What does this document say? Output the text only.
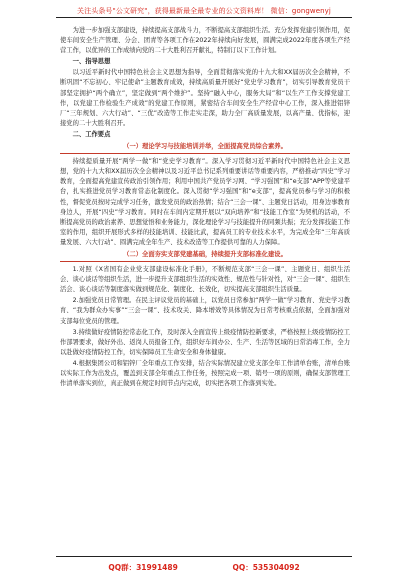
关注头条号"公文研究"，获得最新最全最专业的公文资料库！ 微信：gongwenyj

为进一步加强支部建设，持续提高支部战斗力，不断提高支部组织生活。充分发挥党建引领作用，促使车间安全生产管理、分会、团青等各项工作在2022年持续向好发展，圆满完成2022年度各项生产经营工作，以优异的工作成绩向党的二十大胜利召开献礼，特制订以下工作计划。

一、指导思想

以习近平新时代中国特色社会主义思想为指导，全面贯彻落实党的十九大和XX届历次全会精神，不断巩固“不忘初心、牢记使命”主题教育成效，持续高质量开展好“党史学习教育”，切实引导教育党员干部坚定拥护“两个确立”，坚定做到“两个维护”。坚持“融入中心，服务大局”和“以生产工作支撑党建工作，以党建工作检验生产成效”的党建工作原则，紧密结合车间安全生产经营中心工作，深入推进铝锌厂“三年规划、六大行动”、“三优”改造等工作走实走深，助力全厂高质量发展，以高产量、优指标，迎接党的二十大胜利召开。

二、工作要点
（一）理论学习与技能培训并举，全面提高党员综合素养。

持续提质量开展“两学一做”和“党史学习教育”。深入学习贯彻习近平新时代中国特色社会主义思想，党的十九大和XX届历次全会精神以及习近平总书记系列重要讲话等重要内容，严格推动“四史”学习教育，全面提高党建宣传政治引领作用；利用中国共产党员学习网、“学习强国”和“e支部”APP等党建平台，扎实推进党员学习教育常态化制度化。深入贯彻“学习强国”和“e支部”，提高党员参与学习的积极性，督促党员按时完成学习任务，激发党员的政治热情；结合“三会一课”、主题党日活动，用身边事教育身边人，开展“四史”学习教育。同时在车间内定期开展以“双向培养”和“技能工作室”为契机的活动，不断提高党员的政治素养、思想觉悟和业务能力，深化理论学习与技能提升的同频共振；充分发挥技能工作室的作用，组织开展形式多样的技能培训、技能比武，提高员工的专业技术水平，为完成全年“三年高质量发展、六大行动”、圆满完成全年生产、技术改造等工作提供可靠的人力保障。

（二）全面夯实支部党建基础，持续提升支部标准化建设。

1.对照《X省国有企业党支部建设标准化手册》，不断规范支部“三会一课”、主题党日、组织生活会、谈心谈话等组织生活，进一步提升支部组织生活的实效性、规范性与针对性，对“三会一课”、组织生活会、谈心谈话等制度落实做到规范化、制度化、长效化，切实提高支部组织生活质量。

2.加强党员日常管理。在民主评议党员的基础上，以党员日常参加“两学一做”学习教育、党史学习教育、“我为群众办实事”“三会一课”、技术攻关、降本增效等具体情况为日常考核重点依据，全面加强对支部每位党员的管理。

3.持续做好疫情防控常态化工作，及时深入全面宣传上级疫情防控新要求，严格按照上级疫情防控工作部署要求，做好外出、返岗人员报备工作，组织好车间办公、生产、生活等区域的日常消毒工作，全力以赴做好疫情防控工作，切实保障员工生命安全和身体健康。

4.根据集团公司和铝锌厂全年重点工作安排，结合实际情况建立党支部全年工作清单台账，清单台账以实际工作为出发点，覆盖到支部全年重点工作任务，按照完成一项、销号一项的原则，确保支部管理工作清单落实到位，真正做到在规定时间节点内完成，切实把各项工作落到实处。

QQ群：31991489	QQ：535304092
